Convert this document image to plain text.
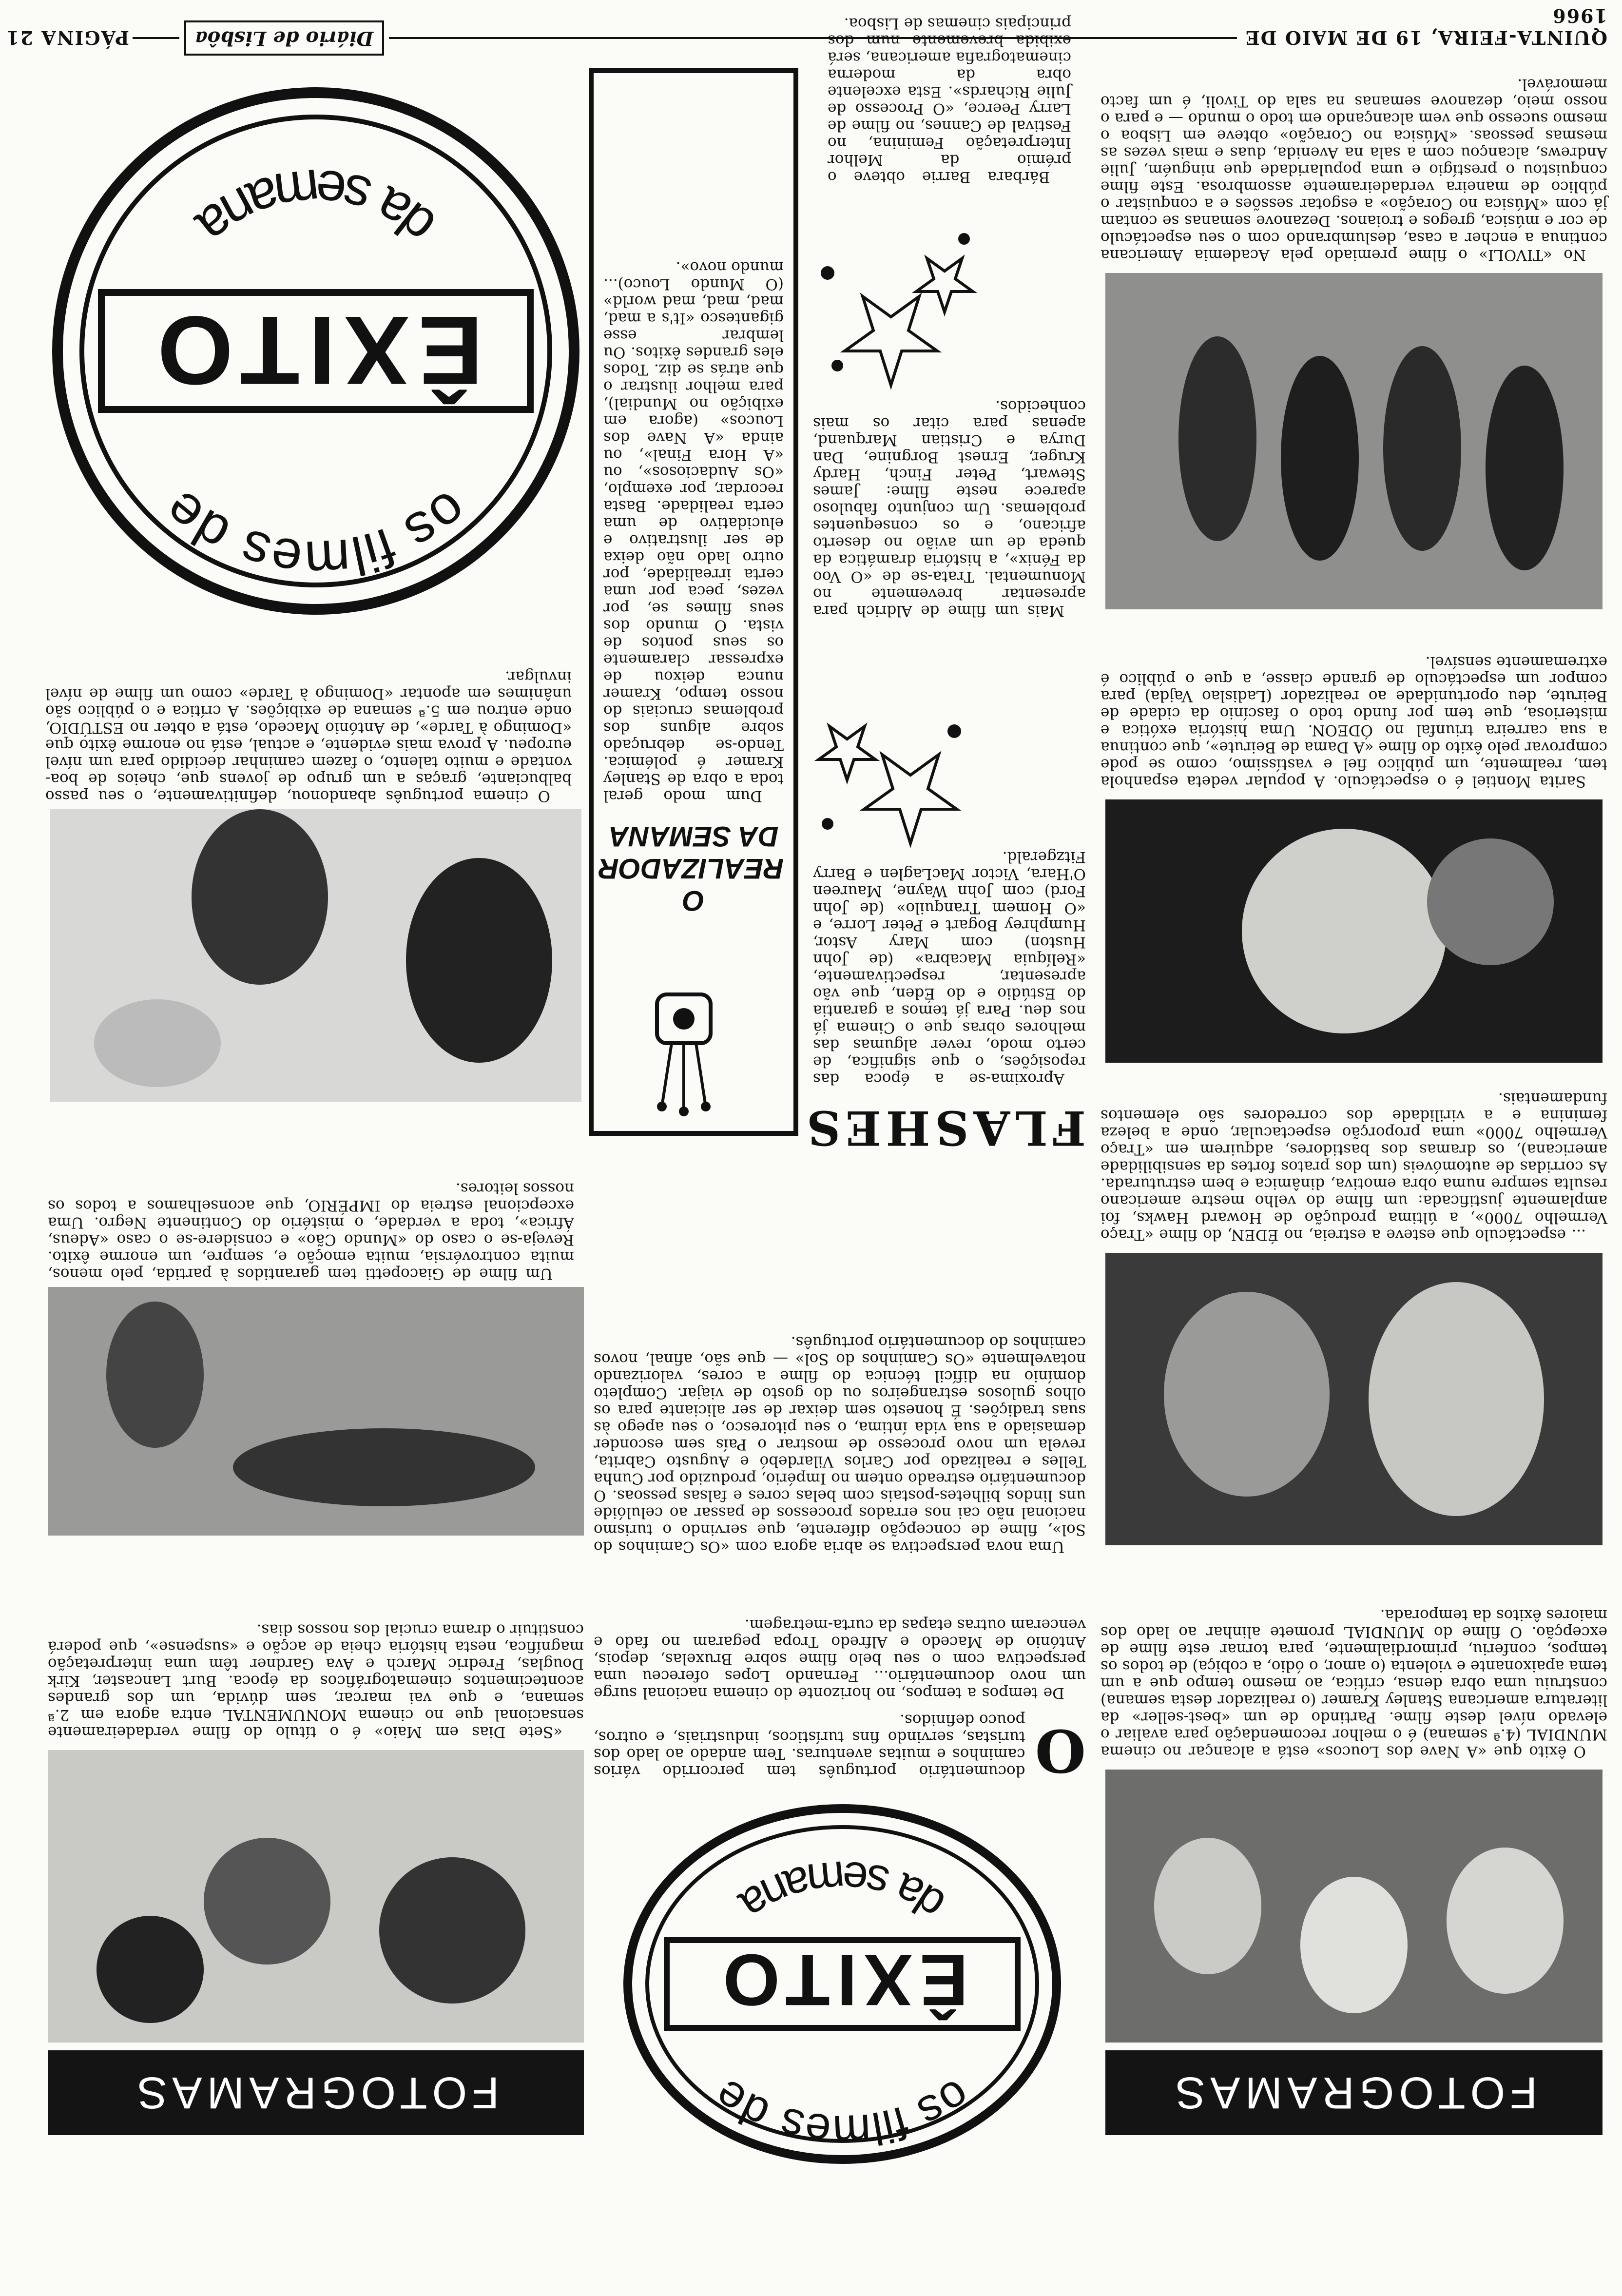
PÁGINA 21	Diário de Lisbôa	QUINTA-FEIRA, 19 DE MAIO DE 1966
ÊXITO
os filmes de
da semana

O cinema português abandonou, definitivamente, o seu passo balbuciante, graças a um grupo de jovens que, cheios de boa-vontade e muito talento, o fazem caminhar decidido para um nível europeu. A prova mais evidente, e actual, está no enorme êxito que «Domingo à Tarde», de António Macedo, está a obter no ESTÚDIO, onde entrou em 5.ª semana de exibições. A crítica e o público são unânimes em apontar «Domingo à Tarde» como um filme de nível invulgar.

Um filme de Giacopetti tem garantidos à partida, pelo menos, muita controvérsia, muita emoção e, sempre, um enorme êxito. Reveja-se o caso do «Mundo Cão» e considere-se o caso «Adeus, África», toda a verdade, o mistério do Continente Negro. Uma excepcional estreia do IMPÉRIO, que aconselhamos a todos os nossos leitores.

«Sete Dias em Maio» é o título do filme verdadeiramente sensacional que no cinema MONUMENTAL entra agora em 2.ª semana, e que vai marcar, sem dúvida, um dos grandes acontecimentos cinematográficos da época. Burt Lancaster, Kirk Douglas, Fredric March e Ava Gardner têm uma interpretação magnífica, nesta história cheia de acção e «suspense», que poderá constituir o drama crucial dos nossos dias.

FOTOGRAMAS

Bárbara Barrie obteve o prémio da Melhor Interpretação Feminina, no Festival de Cannes, no filme de Larry Peerce, «O Processo de Julie Richards». Esta excelente obra da moderna cinematografia americana, será exibida brevemente num dos principais cinemas de Lisboa.

Mais um filme de Aldrich para apresentar brevemente no Monumental. Trata-se de «O Voo da Fénix», a história dramática da queda de um avião no deserto africano, e os consequentes problemas. Um conjunto fabuloso aparece neste filme: James Stewart, Peter Finch, Hardy Kruger, Ernest Borgnine, Dan Durya e Cristian Marquand, apenas para citar os mais conhecidos.

Aproxima-se a época das reposições, o que significa, de certo modo, rever algumas das melhores obras que o Cinema já nos deu. Para já temos a garantia do Estúdio e do Éden, que vão apresentar, respectivamente, «Relíquia Macabra» (de John Huston) com Mary Astor, Humphrey Bogart e Peter Lorre, e «O Homem Tranquilo» (de John Ford) com John Wayne, Maureen O'Hara, Victor MacLaglen e Barry Fitzgerald.

FLASHES

Dum modo geral toda a obra de Stanley Kramer é polémica. Tendo-se debruçado sobre alguns dos problemas cruciais do nosso tempo, Kramer nunca deixou de expressar claramente os seus pontos de vista. O mundo dos seus filmes se, por vezes, peca por uma certa irrealidade, por outro lado não deixa de ser ilustrativo e elucidativo de uma certa realidade. Basta recordar, por exemplo, «Os Audaciosos», ou «A Hora Final», ou ainda «A Nave dos Loucos» (agora em exibição no Mundial), para melhor ilustrar o que atrás se diz. Todos eles grandes êxitos. Ou lembrar esse gigantesco «It's a mad, mad, mad, mad world» (O Mundo Louco)... mundo novo».

O REALIZADOR
DA SEMANA

Uma nova perspectiva se abria agora com «Os Caminhos do Sol», filme de concepção diferente, que servindo o turismo nacional não cai nos errados processos de passar ao celulóide uns lindos bilhetes-postais com belas cores e falsas pessoas. O documentário estreado ontem no Império, produzido por Cunha Telles e realizado por Carlos Vilardebó e Augusto Cabrita, revela um novo processo de mostrar o País sem esconder demasiado a sua vida íntima, o seu pitoresco, o seu apego às suas tradições. É honesto sem deixar de ser aliciante para os olhos gulosos estrangeiros ou do gosto de viajar. Completo domínio na difícil técnica do filme a cores, valorizando notavelmente «Os Caminhos do Sol» — que são, afinal, novos caminhos do documentário português.

De tempos a tempos, no horizonte do cinema nacional surge um novo documentário... Fernando Lopes ofereceu uma perspectiva com o seu belo filme sobre Bruxelas, depois, António de Macedo e Alfredo Tropa pegaram no fado e venceram outras etapas da curta-metragem.

O
documentário português tem percorrido vários caminhos e muitas aventuras. Tem andado ao lado dos turistas, servindo fins turísticos, industriais, e outros, pouco definidos.
ÊXITO
os filmes de
da semana

No «TIVOLI» o filme premiado pela Academia Americana continua a encher a casa, deslumbrando com o seu espectáculo de cor e música, gregos e troianos. Dezanove semanas se contam já com «Música no Coração» a esgotar sessões e a conquistar o público de maneira verdadeiramente assombrosa. Este filme conquistou o prestígio e uma popularidade que ninguém, Julie Andrews, alcançou com a sala na Avenida, duas e mais vezes as mesmas pessoas. «Música no Coração» obteve em Lisboa o mesmo sucesso que vem alcançando em todo o mundo — e para o nosso meio, dezanove semanas na sala do Tivoli, é um facto memorável.

Sarita Montiel é o espectáculo. A popular vedeta espanhola tem, realmente, um público fiel e vastíssimo, como se pode comprovar pelo êxito do filme «A Dama de Beirute», que continua a sua carreira triunfal no ÓDEON. Uma história exótica e misteriosa, que tem por fundo todo o fascínio da cidade de Beirute, deu oportunidade ao realizador (Ladislao Vajda) para compor um espectáculo de grande classe, a que o público é extremamente sensível.

... espectáculo que esteve a estreia, no ÉDEN, do filme «Traço Vermelho 7000», a última produção de Howard Hawks, foi amplamente justificada: um filme do velho mestre americano resulta sempre numa obra emotiva, dinâmica e bem estruturada. As corridas de automóveis (um dos pratos fortes da sensibilidade americana), os dramas dos bastidores, adquirem em «Traço Vermelho 7000» uma proporção espectacular, onde a beleza feminina e a virilidade dos corredores são elementos fundamentais.

O êxito que «A Nave dos Loucos» está a alcançar no cinema MUNDIAL (4.ª semana) é o melhor recomendação para avaliar o elevado nível deste filme. Partindo de um «best-seller» da literatura americana Stanley Kramer (o realizador desta semana) construiu uma obra densa, crítica, ao mesmo tempo que a um tema apaixonante e violenta (o amor, o ódio, a cobiça) de todos os tempos, conferiu, primordialmente, para tornar este filme de excepção. O filme do MUNDIAL promete alinhar ao lado dos maiores êxitos da temporada.

FOTOGRAMAS
